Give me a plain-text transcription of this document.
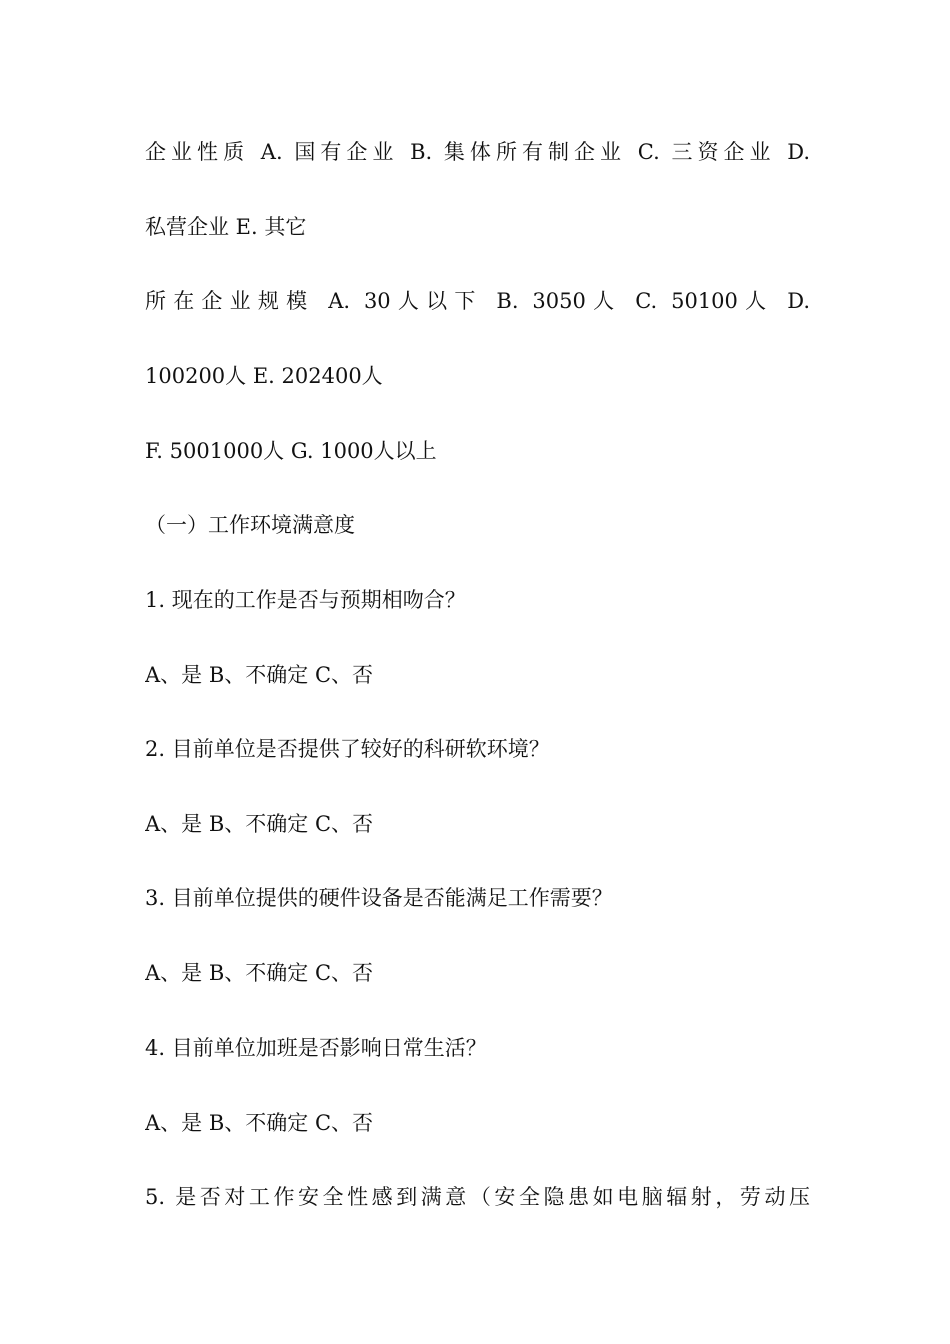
企业性质 A. 国有企业 B. 集体所有制企业 C. 三资企业 D.
私营企业 E. 其它
所在企业规模 A. 30人以下 B. 3050人 C. 50100人 D.
100200人 E. 202400人
F. 5001000人 G. 1000人以上
（一）工作环境满意度
1. 现在的工作是否与预期相吻合？
A、是 B、不确定 C、否
2. 目前单位是否提供了较好的科研软环境？
A、是 B、不确定 C、否
3. 目前单位提供的硬件设备是否能满足工作需要？
A、是 B、不确定 C、否
4. 目前单位加班是否影响日常生活？
A、是 B、不确定 C、否
5. 是否对工作安全性感到满意（安全隐患如电脑辐射，劳动压
